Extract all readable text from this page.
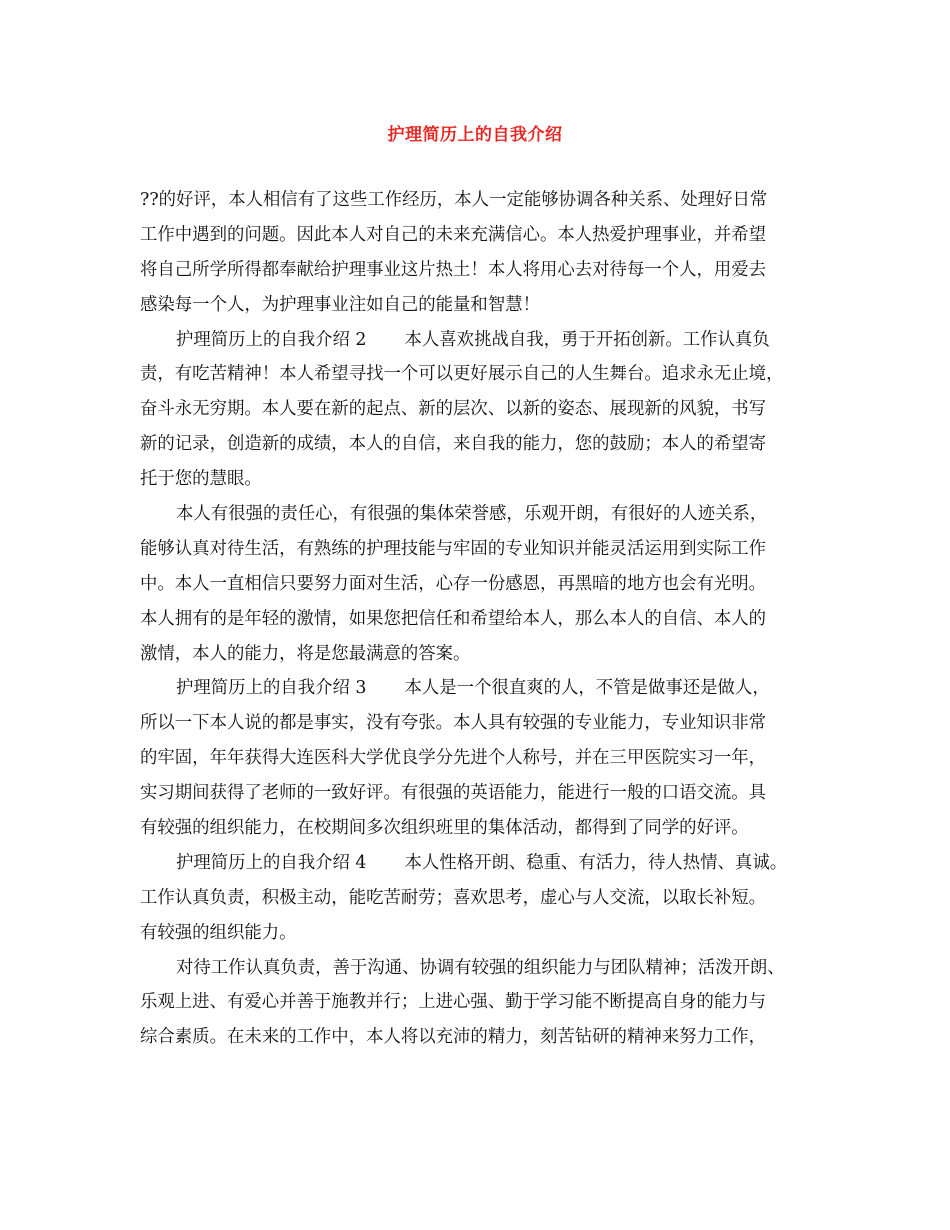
护理简历上的自我介绍
??的好评，本人相信有了这些工作经历，本人一定能够协调各种关系、处理好日常
工作中遇到的问题。因此本人对自己的未来充满信心。本人热爱护理事业，并希望
将自己所学所得都奉献给护理事业这片热土！本人将用心去对待每一个人，用爱去
感染每一个人，为护理事业注如自己的能量和智慧！
护理简历上的自我介绍 2 本人喜欢挑战自我，勇于开拓创新。工作认真负
责，有吃苦精神！本人希望寻找一个可以更好展示自己的人生舞台。追求永无止境，
奋斗永无穷期。本人要在新的起点、新的层次、以新的姿态、展现新的风貌，书写
新的记录，创造新的成绩，本人的自信，来自我的能力，您的鼓励；本人的希望寄
托于您的慧眼。
本人有很强的责任心，有很强的集体荣誉感，乐观开朗，有很好的人迹关系，
能够认真对待生活，有熟练的护理技能与牢固的专业知识并能灵活运用到实际工作
中。本人一直相信只要努力面对生活，心存一份感恩，再黑暗的地方也会有光明。
本人拥有的是年轻的激情，如果您把信任和希望给本人，那么本人的自信、本人的
激情，本人的能力，将是您最满意的答案。
护理简历上的自我介绍 3 本人是一个很直爽的人，不管是做事还是做人，
所以一下本人说的都是事实，没有夸张。本人具有较强的专业能力，专业知识非常
的牢固，年年获得大连医科大学优良学分先进个人称号，并在三甲医院实习一年，
实习期间获得了老师的一致好评。有很强的英语能力，能进行一般的口语交流。具
有较强的组织能力，在校期间多次组织班里的集体活动，都得到了同学的好评。
护理简历上的自我介绍 4 本人性格开朗、稳重、有活力，待人热情、真诚。
工作认真负责，积极主动，能吃苦耐劳；喜欢思考，虚心与人交流，以取长补短。
有较强的组织能力。
对待工作认真负责，善于沟通、协调有较强的组织能力与团队精神；活泼开朗、
乐观上进、有爱心并善于施教并行；上进心强、勤于学习能不断提高自身的能力与
综合素质。在未来的工作中，本人将以充沛的精力，刻苦钻研的精神来努力工作，
